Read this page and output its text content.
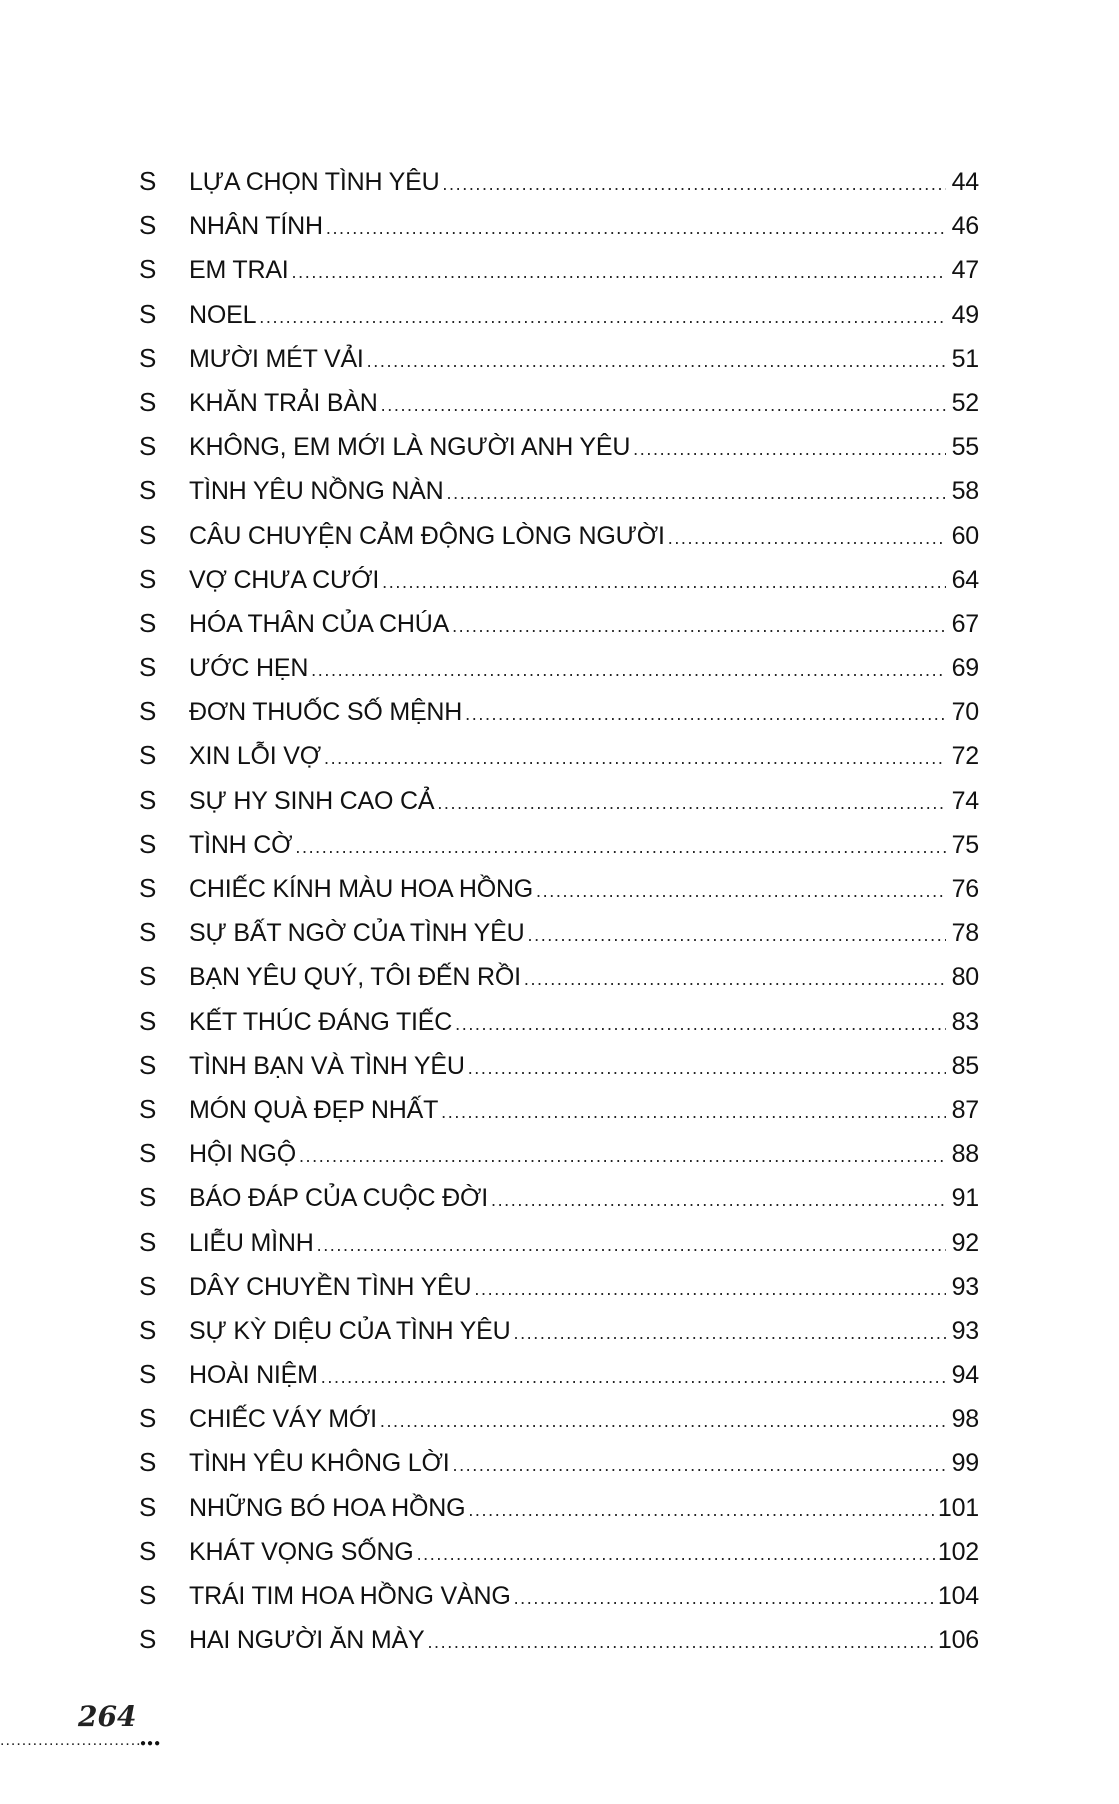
S	LỰA CHỌN TÌNH YÊU .....	44
S	NHÂN TÍNH .....	46
S	EM TRAI .....	47
S	NOEL .....	49
S	MƯỜI MÉT VẢI .....	51
S	KHĂN TRẢI BÀN .....	52
S	KHÔNG, EM MỚI LÀ NGƯỜI ANH YÊU .....	55
S	TÌNH YÊU NỒNG NÀN .....	58
S	CÂU CHUYỆN CẢM ĐỘNG LÒNG NGƯỜI .....	60
S	VỢ CHƯA CƯỚI .....	64
S	HÓA THÂN CỦA CHÚA .....	67
S	ƯỚC HẸN .....	69
S	ĐƠN THUỐC SỐ MỆNH .....	70
S	XIN LỖI VỢ .....	72
S	SỰ HY SINH CAO CẢ .....	74
S	TÌNH CỜ .....	75
S	CHIẾC KÍNH MÀU HOA HỒNG .....	76
S	SỰ BẤT NGỜ CỦA TÌNH YÊU .....	78
S	BẠN YÊU QUÝ, TÔI ĐẾN RỒI .....	80
S	KẾT THÚC ĐÁNG TIẾC .....	83
S	TÌNH BẠN VÀ TÌNH YÊU .....	85
S	MÓN QUÀ ĐẸP NHẤT .....	87
S	HỘI NGỘ .....	88
S	BÁO ĐÁP CỦA CUỘC ĐỜI .....	91
S	LIỄU MÌNH .....	92
S	DÂY CHUYỀN TÌNH YÊU .....	93
S	SỰ KỲ DIỆU CỦA TÌNH YÊU .....	93
S	HOÀI NIỆM .....	94
S	CHIẾC VÁY MỚI .....	98
S	TÌNH YÊU KHÔNG LỜI .....	99
S	NHỮNG BÓ HOA HỒNG .....	101
S	KHÁT VỌNG SỐNG .....	102
S	TRÁI TIM HOA HỒNG VÀNG .....	104
S	HAI NGƯỜI ĂN MÀY .....	106
264
.....
●●●
